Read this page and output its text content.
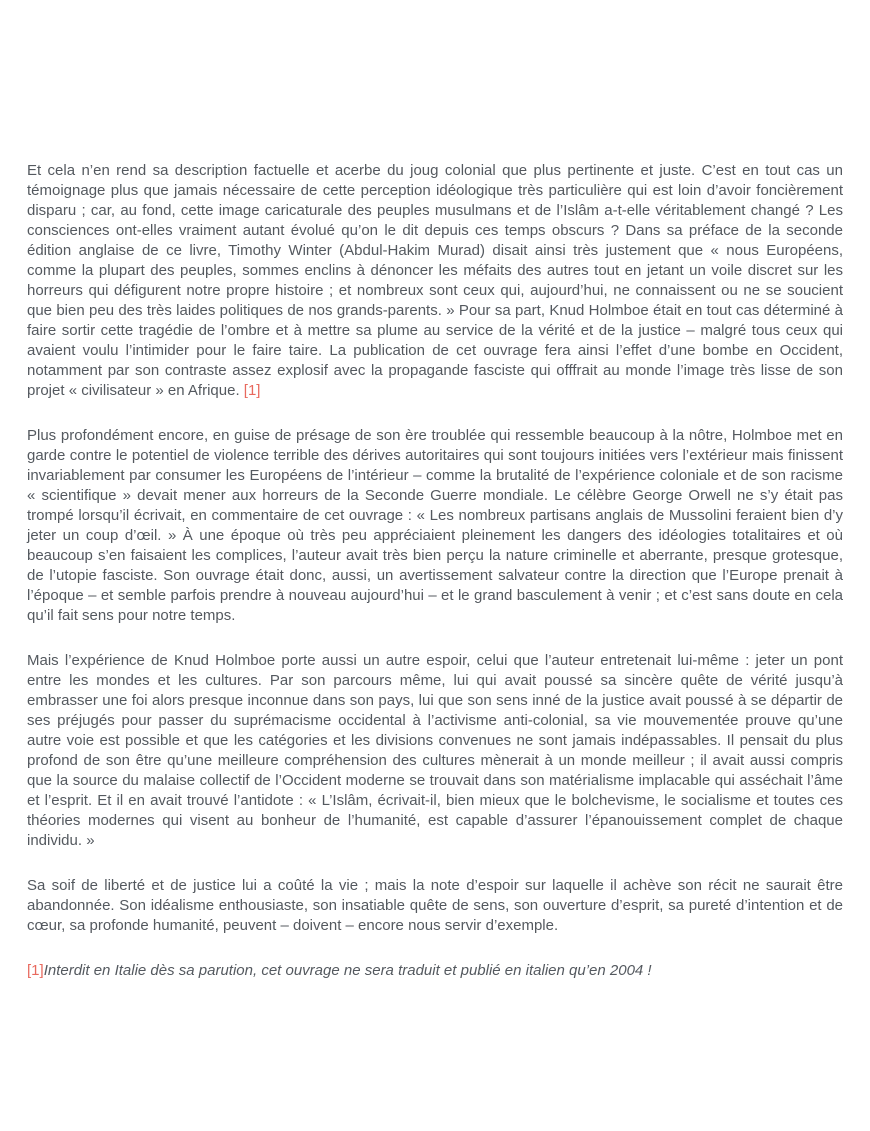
Et cela n’en rend sa description factuelle et acerbe du joug colonial que plus pertinente et juste. C’est en tout cas un témoignage plus que jamais nécessaire de cette perception idéologique très particulière qui est loin d’avoir foncièrement disparu ; car, au fond, cette image caricaturale des peuples musulmans et de l’Islâm a-t-elle véritablement changé ? Les consciences ont-elles vraiment autant évolué qu’on le dit depuis ces temps obscurs ? Dans sa préface de la seconde édition anglaise de ce livre, Timothy Winter (Abdul-Hakim Murad) disait ainsi très justement que « nous Européens, comme la plupart des peuples, sommes enclins à dénoncer les méfaits des autres tout en jetant un voile discret sur les horreurs qui défigurent notre propre histoire ; et nombreux sont ceux qui, aujourd’hui, ne connaissent ou ne se soucient que bien peu des très laides politiques de nos grands-parents. » Pour sa part, Knud Holmboe était en tout cas déterminé à faire sortir cette tragédie de l’ombre et à mettre sa plume au service de la vérité et de la justice – malgré tous ceux qui avaient voulu l’intimider pour le faire taire. La publication de cet ouvrage fera ainsi l’effet d’une bombe en Occident, notamment par son contraste assez explosif avec la propagande fasciste qui offfrait au monde l’image très lisse de son projet « civilisateur » en Afrique. [1]

Plus profondément encore, en guise de présage de son ère troublée qui ressemble beaucoup à la nôtre, Holmboe met en garde contre le potentiel de violence terrible des dérives autoritaires qui sont toujours initiées vers l’extérieur mais finissent invariablement par consumer les Européens de l’intérieur – comme la brutalité de l’expérience coloniale et de son racisme « scientifique » devait mener aux horreurs de la Seconde Guerre mondiale. Le célèbre George Orwell ne s’y était pas trompé lorsqu’il écrivait, en commentaire de cet ouvrage : « Les nombreux partisans anglais de Mussolini feraient bien d’y jeter un coup d’œil. » À une époque où très peu appréciaient pleinement les dangers des idéologies totalitaires et où beaucoup s’en faisaient les complices, l’auteur avait très bien perçu la nature criminelle et aberrante, presque grotesque, de l’utopie fasciste. Son ouvrage était donc, aussi, un avertissement salvateur contre la direction que l’Europe prenait à l’époque – et semble parfois prendre à nouveau aujourd’hui – et le grand basculement à venir ; et c’est sans doute en cela qu’il fait sens pour notre temps.

Mais l’expérience de Knud Holmboe porte aussi un autre espoir, celui que l’auteur entretenait lui-même : jeter un pont entre les mondes et les cultures. Par son parcours même, lui qui avait poussé sa sincère quête de vérité jusqu’à embrasser une foi alors presque inconnue dans son pays, lui que son sens inné de la justice avait poussé à se départir de ses préjugés pour passer du suprémacisme occidental à l’activisme anti-colonial, sa vie mouvementée prouve qu’une autre voie est possible et que les catégories et les divisions convenues ne sont jamais indépassables. Il pensait du plus profond de son être qu’une meilleure compréhension des cultures mènerait à un monde meilleur ; il avait aussi compris que la source du malaise collectif de l’Occident moderne se trouvait dans son matérialisme implacable qui asséchait l’âme et l’esprit. Et il en avait trouvé l’antidote : « L’Islâm, écrivait-il, bien mieux que le bolchevisme, le socialisme et toutes ces théories modernes qui visent au bonheur de l’humanité, est capable d’assurer l’épanouissement complet de chaque individu. »

Sa soif de liberté et de justice lui a coûté la vie ; mais la note d’espoir sur laquelle il achève son récit ne saurait être abandonnée. Son idéalisme enthousiaste, son insatiable quête de sens, son ouverture d’esprit, sa pureté d’intention et de cœur, sa profonde humanité, peuvent – doivent – encore nous servir d’exemple.

[1]Interdit en Italie dès sa parution, cet ouvrage ne sera traduit et publié en italien qu’en 2004 !
